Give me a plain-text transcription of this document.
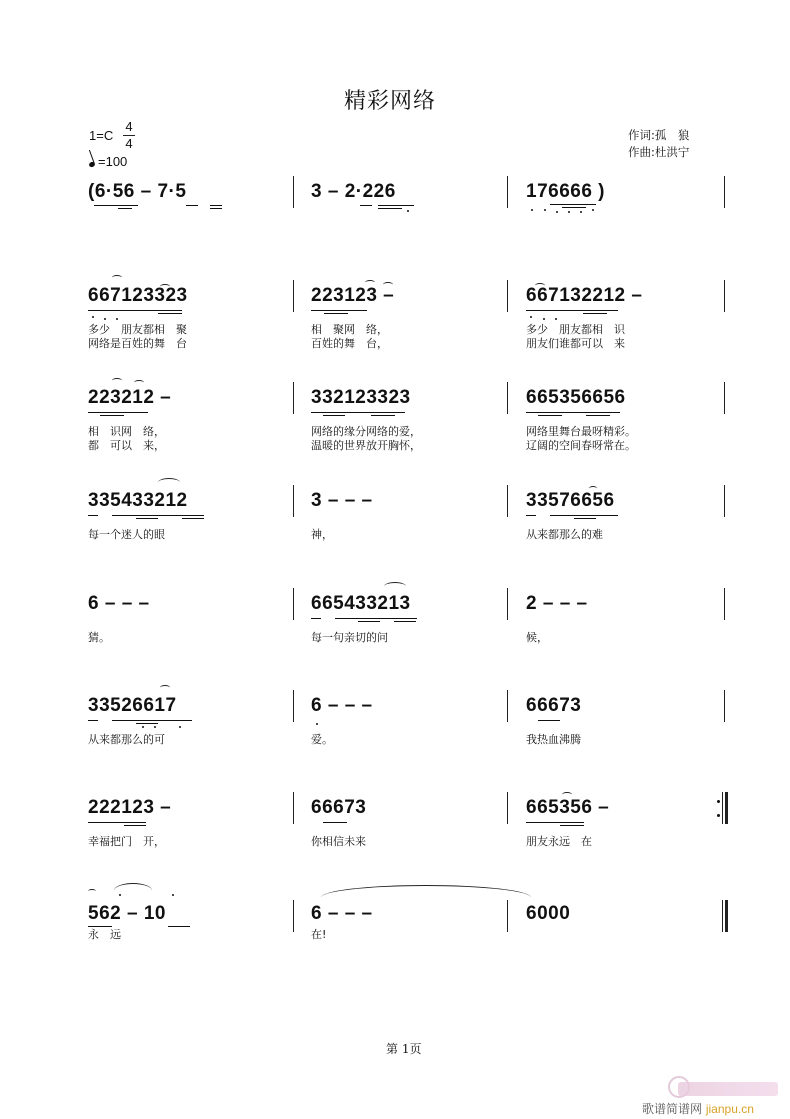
精彩网络
1=C
4
4
=100
作词:孤　狼
作曲:杜洪宁
(6·56 – 7·5	3 – 2·226	176666 )
667123323	223123 –	667132212 –
多少　朋友都相　聚
网络是百姓的舞　台
相　聚网　络，
百姓的舞　台，
多少　朋友都相　识
朋友们谁都可以　来
223212 –	332123323	665356656
相　识网　络，
都　可以　来，
网络的缘分网络的爱，
温暖的世界放开胸怀，
网络里舞台最呀精彩。
辽阔的空间春呀常在。
335433212	3 – – –	33576656
每一个迷人的眼	神，	从来都那么的难
6 – – –	665433213	2 – – –
猜。	每一句亲切的问	候，
33526617	6 – – –	66673
从来都那么的可	爱。	我热血沸腾
222123 –	66673	665356 –
幸福把门　开，	你相信未来	朋友永远　在
562 – 10	6 – – –	6000
永　远	在!
第 1页
歌谱简谱网 jianpu.cn
